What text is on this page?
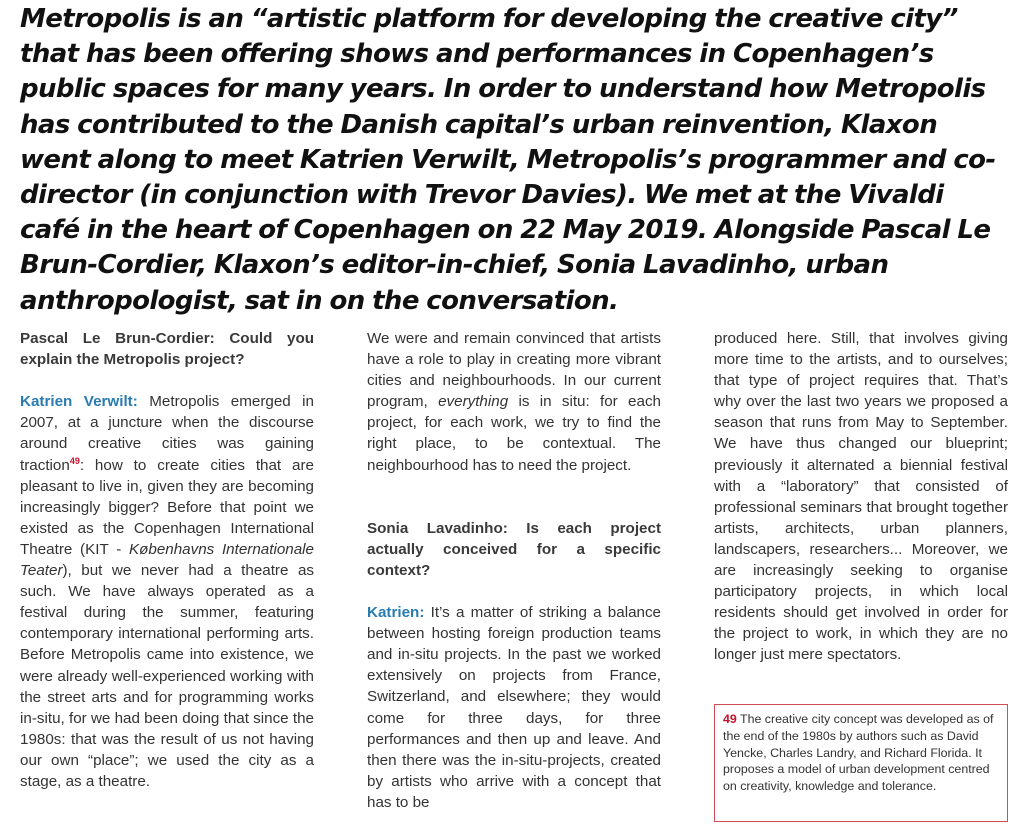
Metropolis is an “artistic platform for developing the creative city” that has been offering shows and performances in Copenhagen’s public spaces for many years. In order to understand how Metropolis has contributed to the Danish capital’s urban reinvention, Klaxon went along to meet Katrien Verwilt, Metropolis’s programmer and co-director (in conjunction with Trevor Davies). We met at the Vivaldi café in the heart of Copenhagen on 22 May 2019. Alongside Pascal Le Brun-Cordier, Klaxon’s editor-in-chief, Sonia Lavadinho, urban anthropologist, sat in on the conversation.

Pascal Le Brun-Cordier: Could you explain the Metropolis project?

Katrien Verwilt: Metropolis emerged in 2007, at a juncture when the discourse around creative cities was gaining traction$^{49}$: how to create cities that are pleasant to live in, given they are becoming increasingly bigger? Before that point we existed as the Copenhagen International Theatre (KIT - Københavns Internationale Teater), but we never had a theatre as such. We have always operated as a festival during the summer, featuring contemporary international performing arts. Before Metropolis came into existence, we were already well-experienced working with the street arts and for programming works in-situ, for we had been doing that since the 1980s: that was the result of us not having our own “place”; we used the city as a stage, as a theatre.

We were and remain convinced that artists have a role to play in creating more vibrant cities and neighbourhoods. In our current program, everything is in situ: for each project, for each work, we try to find the right place, to be contextual. The neighbourhood has to need the project.

Sonia Lavadinho: Is each project actually conceived for a specific context?

Katrien: It’s a matter of striking a balance between hosting foreign production teams and in-situ projects. In the past we worked extensively on projects from France, Switzerland, and elsewhere; they would come for three days, for three performances and then up and leave. And then there was the in-situ-projects, created by artists who arrive with a concept that has to be

produced here. Still, that involves giving more time to the artists, and to ourselves; that type of project requires that. That’s why over the last two years we proposed a season that runs from May to September. We have thus changed our blueprint; previously it alternated a biennial festival with a “laboratory” that consisted of professional seminars that brought together artists, architects, urban planners, landscapers, researchers... Moreover, we are increasingly seeking to organise participatory projects, in which local residents should get involved in order for the project to work, in which they are no longer just mere spectators.

49 The creative city concept was developed as of the end of the 1980s by authors such as David Yencke, Charles Landry, and Richard Florida. It proposes a model of urban development centred on creativity, knowledge and tolerance.
